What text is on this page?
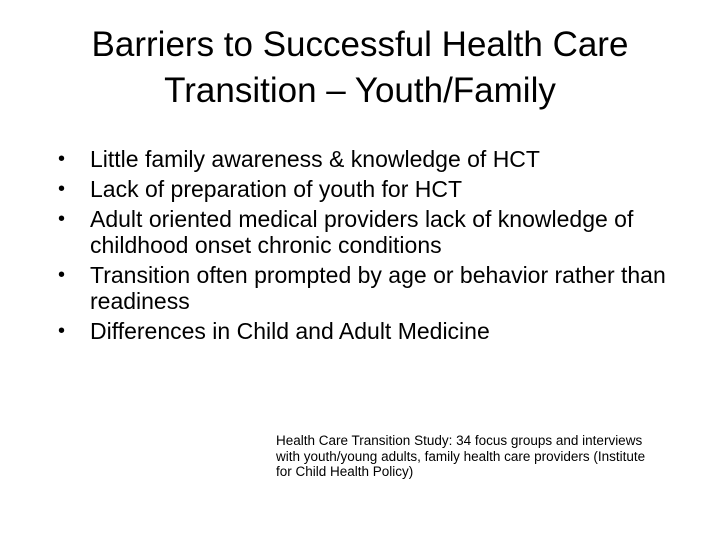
Barriers to Successful Health Care
Transition – Youth/Family
• Little family awareness & knowledge of HCT
• Lack of preparation of youth for HCT
• Adult oriented medical providers lack of knowledge of childhood onset chronic conditions
• Transition often prompted by age or behavior rather than readiness
• Differences in Child and Adult Medicine

Health Care Transition Study: 34 focus groups and interviews with youth/young adults, family health care providers (Institute for Child Health Policy)
